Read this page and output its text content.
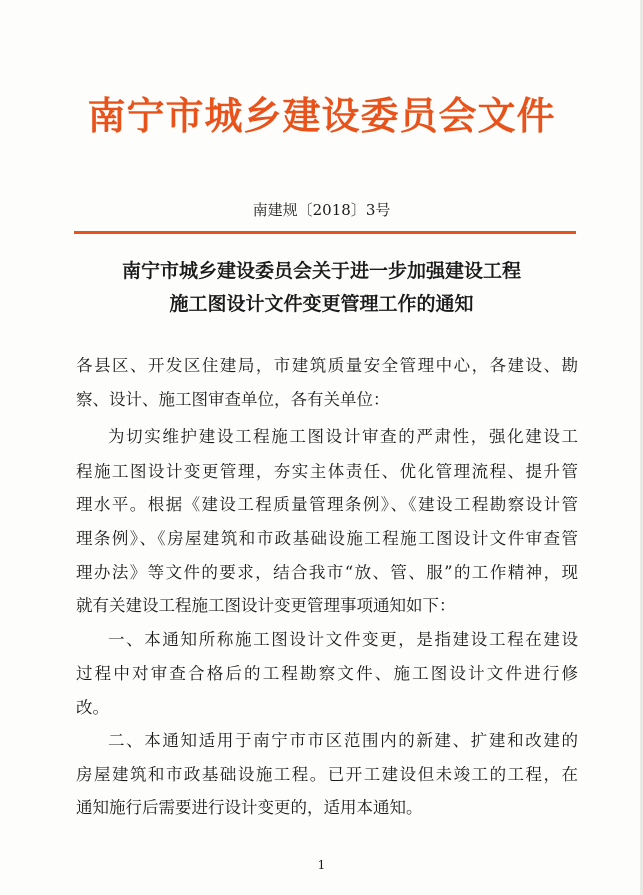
南宁市城乡建设委员会文件
南建规〔2018〕3号
南宁市城乡建设委员会关于进一步加强建设工程
施工图设计文件变更管理工作的通知
各县区、开发区住建局，市建筑质量安全管理中心，各建设、勘
察、设计、施工图审查单位，各有关单位：
为切实维护建设工程施工图设计审查的严肃性，强化建设工
程施工图设计变更管理，夯实主体责任、优化管理流程、提升管
理水平。根据《建设工程质量管理条例》、《建设工程勘察设计管
理条例》、《房屋建筑和市政基础设施工程施工图设计文件审查管
理办法》等文件的要求，结合我市“放、管、服”的工作精神，现
就有关建设工程施工图设计变更管理事项通知如下：
一、本通知所称施工图设计文件变更，是指建设工程在建设
过程中对审查合格后的工程勘察文件、施工图设计文件进行修
改。
二、本通知适用于南宁市市区范围内的新建、扩建和改建的
房屋建筑和市政基础设施工程。已开工建设但未竣工的工程，在
通知施行后需要进行设计变更的，适用本通知。
1
